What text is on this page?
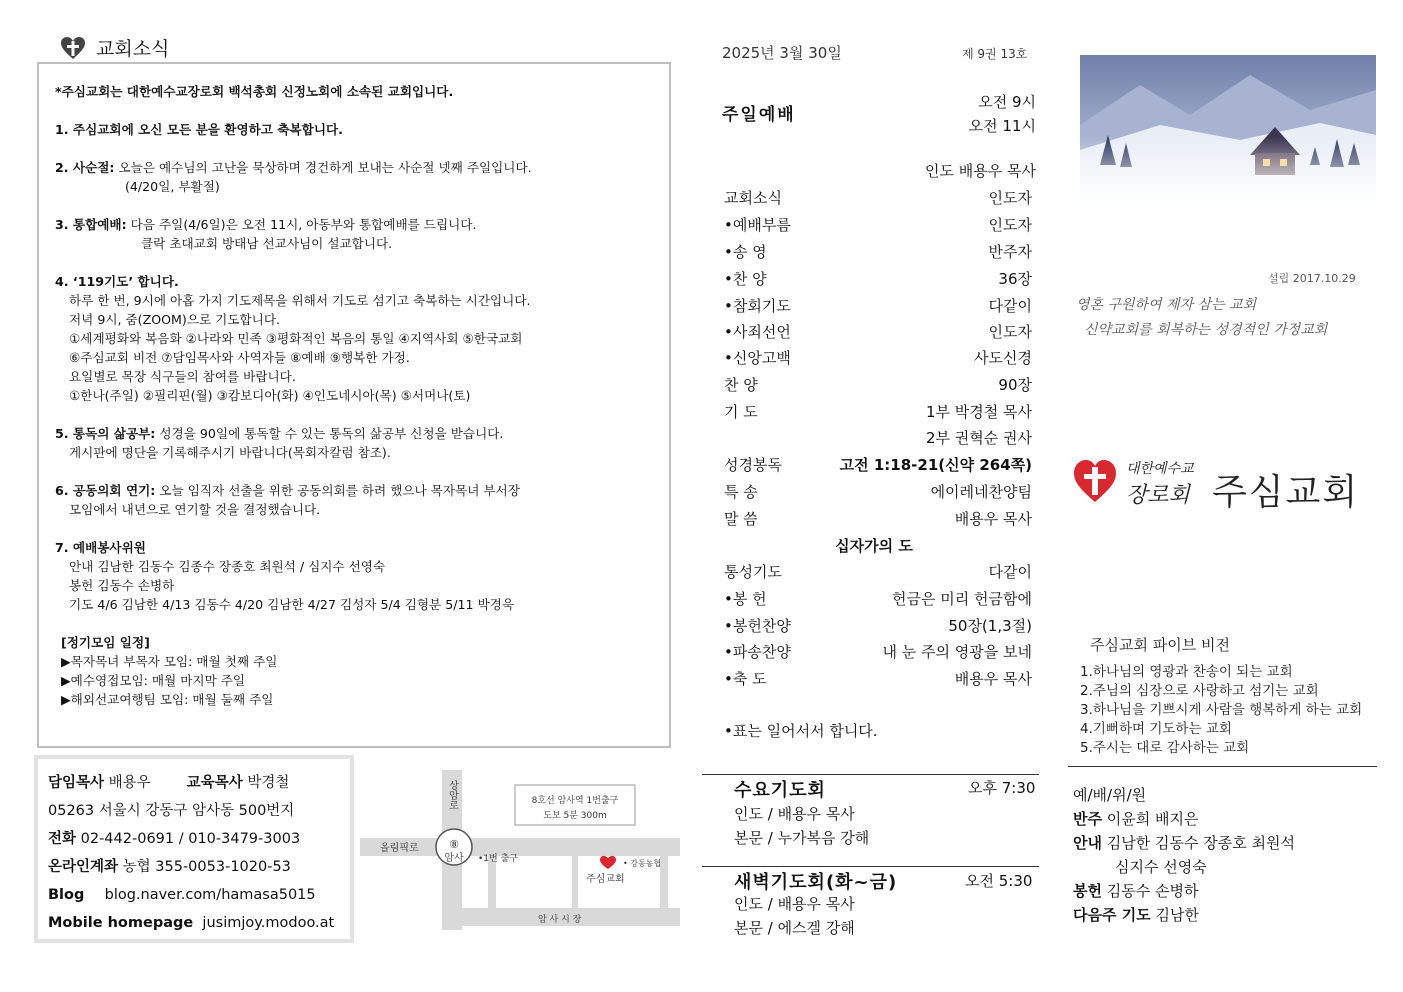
교회소식

*주심교회는 대한예수교장로회 백석총회 신정노회에 소속된 교회입니다.

1. 주심교회에 오신 모든 분을 환영하고 축복합니다.

2. 사순절: 오늘은 예수님의 고난을 묵상하며 경건하게 보내는 사순절 넷째 주일입니다.

(4/20일, 부활절)

3. 통합예배: 다음 주일(4/6일)은 오전 11시, 아동부와 통합예배를 드립니다.

클락 초대교회 방태남 선교사님이 설교합니다.

4. ‘119기도’ 합니다.

하루 한 번, 9시에 아홉 가지 기도제목을 위해서 기도로 섬기고 축복하는 시간입니다.

저녁 9시, 줌(ZOOM)으로 기도합니다.

①세계평화와 복음화 ②나라와 민족 ③평화적인 복음의 통일 ④지역사회 ⑤한국교회

⑥주심교회 비전 ⑦담임목사와 사역자들 ⑧예배 ⑨행복한 가정.

요일별로 목장 식구들의 참여를 바랍니다.

①한나(주일) ②필리핀(월) ③캄보디아(화) ④인도네시아(목) ⑤서머나(토)

5. 통독의 삶공부: 성경을 90일에 통독할 수 있는 통독의 삶공부 신청을 받습니다.

게시판에 명단을 기록해주시기 바랍니다(목회자칼럼 참조).

6. 공동의회 연기: 오늘 임직자 선출을 위한 공동의회를 하려 했으나 목자목녀 부서장

모임에서 내년으로 연기할 것을 결정했습니다.

7. 예배봉사위원

안내 김남한 김동수 김종수 장종호 최원석 / 심지수 선영숙

봉헌 김동수 손병하

기도 4/6 김남한 4/13 김동수 4/20 김남한 4/27 김성자 5/4 김형분 5/11 박경욱

[정기모임 일정]

▶목자목녀 부목자 모임: 매월 첫째 주일

▶예수영접모임: 매월 마지막 주일

▶해외선교여행팀 모임: 매월 둘째 주일

담임목사 배용우 교육목사 박경철
05263 서울시 강동구 암사동 500번지
전화 02-442-0691 / 010-3479-3003
온라인계좌 농협 355-0053-1020-53
Blog blog.naver.com/hamasa5015
Mobile homepage jusimjoy.modoo.at
⑧
암사
상암로
올림픽로
•1번 출구
8호선 암사역 1번출구
도보 5분 300m
주심교회
• 강동농협
암 사 시 장
2025년 3월 30일	제 9권 13호
주일예배
오전 9시
오전 11시
인도 배용우 목사
교회소식	인도자
•예배부름	인도자
•송 영	반주자
•찬 양	36장
•참회기도	다같이
•사죄선언	인도자
•신앙고백	사도신경
찬 양	90장
기 도	1부 박경철 목사
2부 권혁순 권사
성경봉독	고전 1:18-21(신약 264쪽)
특 송	에이레네찬양팀
말 씀	배용우 목사
십자가의 도
통성기도	다같이
•봉 헌	헌금은 미리 헌금함에
•봉헌찬양	50장(1,3절)
•파송찬양	내 눈 주의 영광을 보네
•축 도	배용우 목사
•표는 일어서서 합니다.
수요기도회	오후 7:30
인도 / 배용우 목사
본문 / 누가복음 강해
새벽기도회(화~금)	오전 5:30
인도 / 배용우 목사
본문 / 에스겔 강해
설립 2017.10.29
영혼 구원하여 제자 삼는 교회
신약교회를 회복하는 성경적인 가정교회
대한예수교
장로회 주심교회
주심교회 파이브 비전
1.하나님의 영광과 찬송이 되는 교회
2.주님의 심장으로 사랑하고 섬기는 교회
3.하나님을 기쁘시게 사람을 행복하게 하는 교회
4.기뻐하며 기도하는 교회
5.주시는 대로 감사하는 교회
예/배/위/원
반주 이윤희 배지은
안내 김남한 김동수 장종호 최원석
심지수 선영숙
봉헌 김동수 손병하
다음주 기도 김남한
